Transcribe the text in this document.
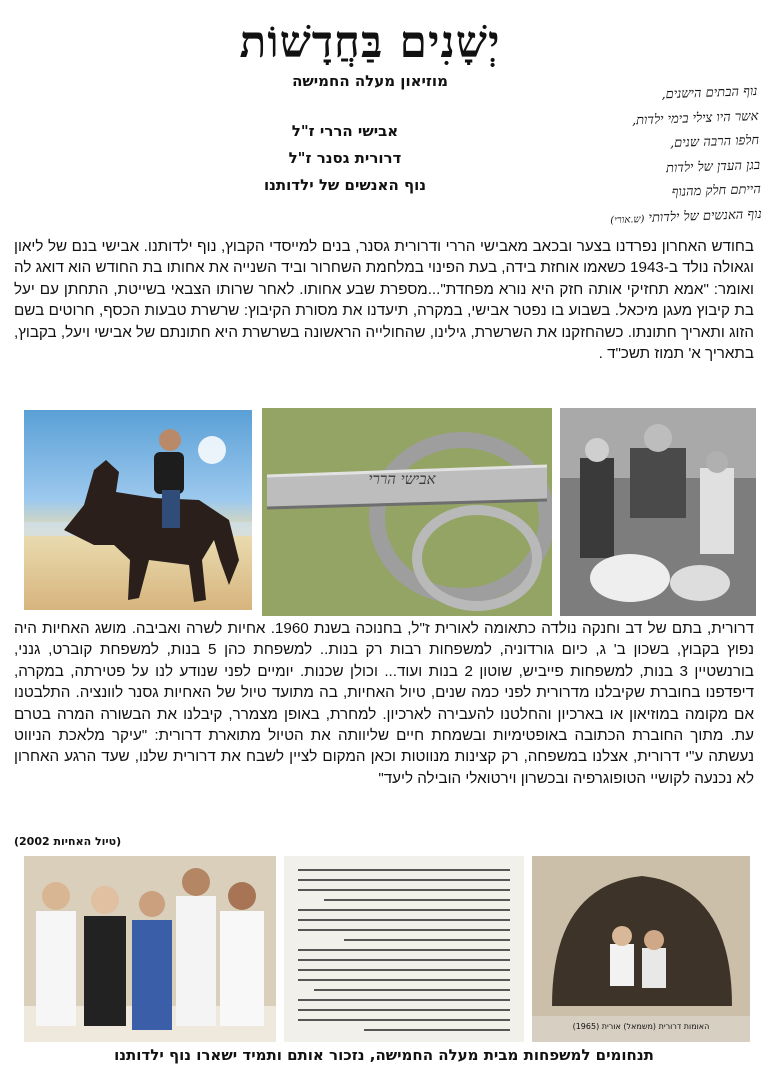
יְשָׁנִים בַּחֲדָשׁוֹת
מוזיאון מעלה החמישה
אבישי הררי ז"ל
דרורית גסנר ז"ל
נוף האנשים של ילדותנו
נוף הבתים הישנים,
אשר היו צילי בימי ילדות,
חלפו הרבה שנים,
בגן העדן של ילדות
הייתם חלק מהנוף
נוף האנשים של ילדותי (ש.אורי)
בחודש האחרון נפרדנו בצער ובכאב מאבישי הררי ודרורית גסנר, בנים למייסדי הקבוץ, נוף ילדותנו. אבישי בנם של ליאון וגאולה נולד ב-1943 כשאמו אוחזת בידה, בעת הפינוי במלחמת השחרור וביד השנייה את אחותו בת החודש הוא דואג לה ואומר: "אמא תחזיקי אותה חזק היא נורא מפחדת"...מספרת שבע אחותו. לאחר שרותו הצבאי בשייטת, התחתן עם יעל בת קיבוץ מעגן מיכאל. בשבוע בו נפטר אבישי, במקרה, תיעדנו את מסורת הקיבוץ: שרשרת טבעות הכסף, חרוטים בשם הזוג ותאריך חתונתו. כשהחזקנו את השרשרת, גילינו, שהחולייה הראשונה בשרשרת היא חתונתם של אבישי ויעל, בקבוץ, בתאריך א' תמוז תשכ"ד .
אבישי הררי
דרורית, בתם של דב וחנקה נולדה כתאומה לאורית ז"ל, בחנוכה בשנת 1960. אחיות לשרה ואביבה. מושג האחיות היה נפוץ בקבוץ, בשכון ב' ג, כיום גורדוניה, למשפחות רבות רק בנות.. למשפחת כהן 5 בנות, למשפחת קוברט, גנני, בורנשטיין 3 בנות, למשפחות פייביש, שוטון 2 בנות ועוד... וכולן שכנות. יומיים לפני שנודע לנו על פטירתה, במקרה, דיפדפנו בחוברת שקיבלנו מדרורית לפני כמה שנים, טיול האחיות, בה מתועד טיול של האחיות גסנר לוונציה. התלבטנו אם מקומה במוזיאון או בארכיון והחלטנו להעבירה לארכיון. למחרת, באופן מצמרר, קיבלנו את הבשורה המרה בטרם עת. מתוך החוברת הכתובה באופטימיות ובשמחת חיים שליוותה את הטיול מתוארת דרורית: "עיקר מלאכת הניווט נעשתה ע"י דרורית, אצלנו במשפחה, רק קצינות מנווטות וכאן המקום לציין לשבח את דרורית שלנו, שעד הרגע האחרון לא נכנעה לקושיי הטופוגרפיה ובכשרון וירטואלי הובילה ליעד"
(טיול האחיות 2002)
האומות דרורית (משמאל) אורית (1965)
תנחומים למשפחות מבית מעלה החמישה, נזכור אותם ותמיד ישארו נוף ילדותנו
